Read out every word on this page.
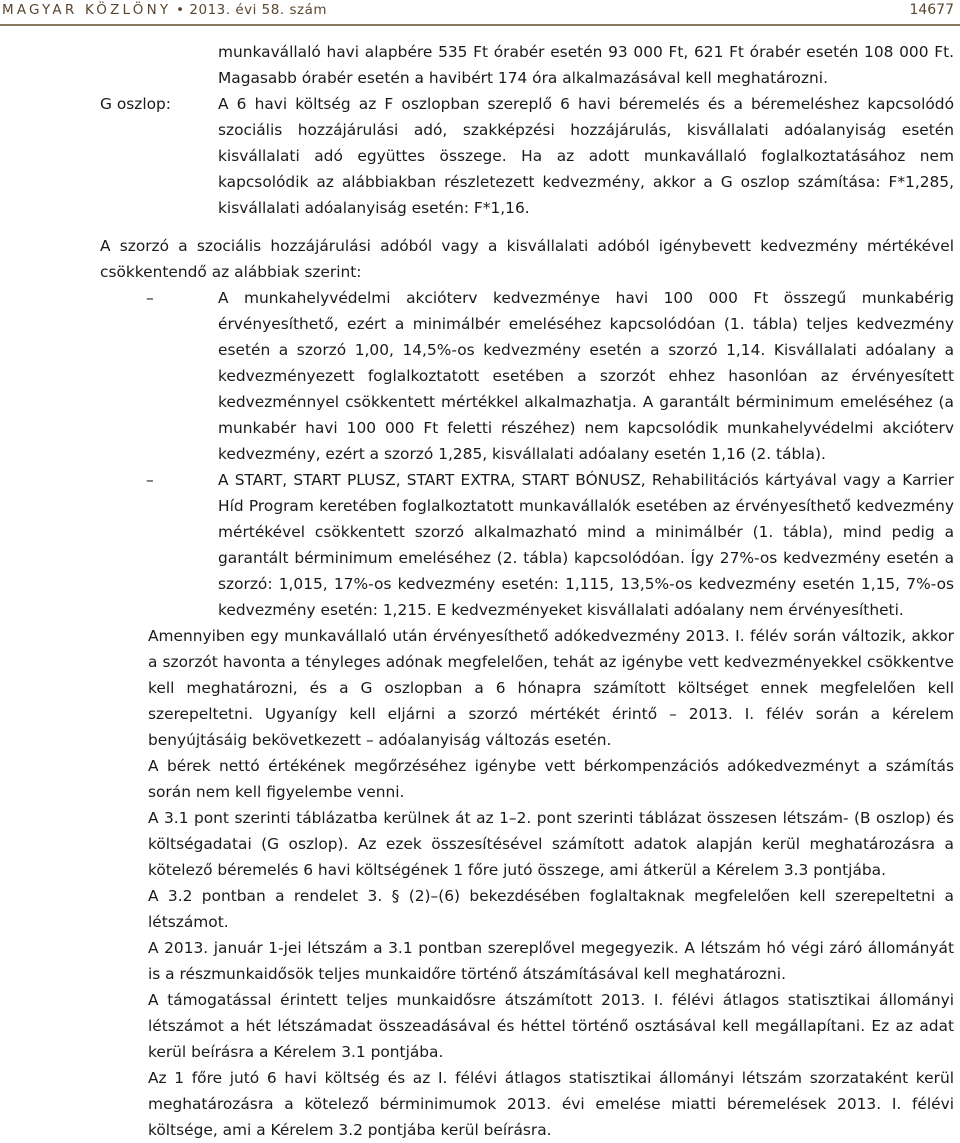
MAGYAR KÖZLÖNY • 2013. évi 58. szám	14677

munkavállaló havi alapbére 535 Ft órabér esetén 93 000 Ft, 621 Ft órabér esetén 108 000 Ft. Magasabb órabér esetén a havibért 174 óra alkalmazásával kell meghatározni.

G oszlop:	A 6 havi költség az F oszlopban szereplő 6 havi béremelés és a béremeléshez kapcsolódó szociális hozzájárulási adó, szakképzési hozzájárulás, kisvállalati adóalanyiság esetén kisvállalati adó együttes összege. Ha az adott munkavállaló foglalkoztatásához nem kapcsolódik az alábbiakban részletezett kedvezmény, akkor a G oszlop számítása: F*1,285, kisvállalati adóalanyiság esetén: F*1,16.

A szorzó a szociális hozzájárulási adóból vagy a kisvállalati adóból igénybevett kedvezmény mértékével csökkentendő az alábbiak szerint:

–	A munkahelyvédelmi akcióterv kedvezménye havi 100 000 Ft összegű munkabérig érvényesíthető, ezért a minimálbér emeléséhez kapcsolódóan (1. tábla) teljes kedvezmény esetén a szorzó 1,00, 14,5%-os kedvezmény esetén a szorzó 1,14. Kisvállalati adóalany a kedvezményezett foglalkoztatott esetében a szorzót ehhez hasonlóan az érvényesített kedvezménnyel csökkentett mértékkel alkalmazhatja. A garantált bérminimum emeléséhez (a munkabér havi 100 000 Ft feletti részéhez) nem kapcsolódik munkahelyvédelmi akcióterv kedvezmény, ezért a szorzó 1,285, kisvállalati adóalany esetén 1,16 (2. tábla).

–	A START, START PLUSZ, START EXTRA, START BÓNUSZ, Rehabilitációs kártyával vagy a Karrier Híd Program keretében foglalkoztatott munkavállalók esetében az érvényesíthető kedvezmény mértékével csökkentett szorzó alkalmazható mind a minimálbér (1. tábla), mind pedig a garantált bérminimum emeléséhez (2. tábla) kapcsolódóan. Így 27%-os kedvezmény esetén a szorzó: 1,015, 17%-os kedvezmény esetén: 1,115, 13,5%-os kedvezmény esetén 1,15, 7%-os kedvezmény esetén: 1,215. E kedvezményeket kisvállalati adóalany nem érvényesítheti.

Amennyiben egy munkavállaló után érvényesíthető adókedvezmény 2013. I. félév során változik, akkor a szorzót havonta a tényleges adónak megfelelően, tehát az igénybe vett kedvezményekkel csökkentve kell meghatározni, és a G oszlopban a 6 hónapra számított költséget ennek megfelelően kell szerepeltetni. Ugyanígy kell eljárni a szorzó mértékét érintő – 2013. I. félév során a kérelem benyújtásáig bekövetkezett – adóalanyiság változás esetén.

A bérek nettó értékének megőrzéséhez igénybe vett bérkompenzációs adókedvezményt a számítás során nem kell figyelembe venni.

A 3.1 pont szerinti táblázatba kerülnek át az 1–2. pont szerinti táblázat összesen létszám- (B oszlop) és költségadatai (G oszlop). Az ezek összesítésével számított adatok alapján kerül meghatározásra a kötelező béremelés 6 havi költségének 1 főre jutó összege, ami átkerül a Kérelem 3.3 pontjába.

A 3.2 pontban a rendelet 3. § (2)–(6) bekezdésében foglaltaknak megfelelően kell szerepeltetni a létszámot.

A 2013. január 1-jei létszám a 3.1 pontban szereplővel megegyezik. A létszám hó végi záró állományát is a részmunkaidősök teljes munkaidőre történő átszámításával kell meghatározni.

A támogatással érintett teljes munkaidősre átszámított 2013. I. félévi átlagos statisztikai állományi létszámot a hét létszámadat összeadásával és héttel történő osztásával kell megállapítani. Ez az adat kerül beírásra a Kérelem 3.1 pontjába.

Az 1 főre jutó 6 havi költség és az I. félévi átlagos statisztikai állományi létszám szorzataként kerül meghatározásra a kötelező bérminimumok 2013. évi emelése miatti béremelések 2013. I. félévi költsége, ami a Kérelem 3.2 pontjába kerül beírásra.
